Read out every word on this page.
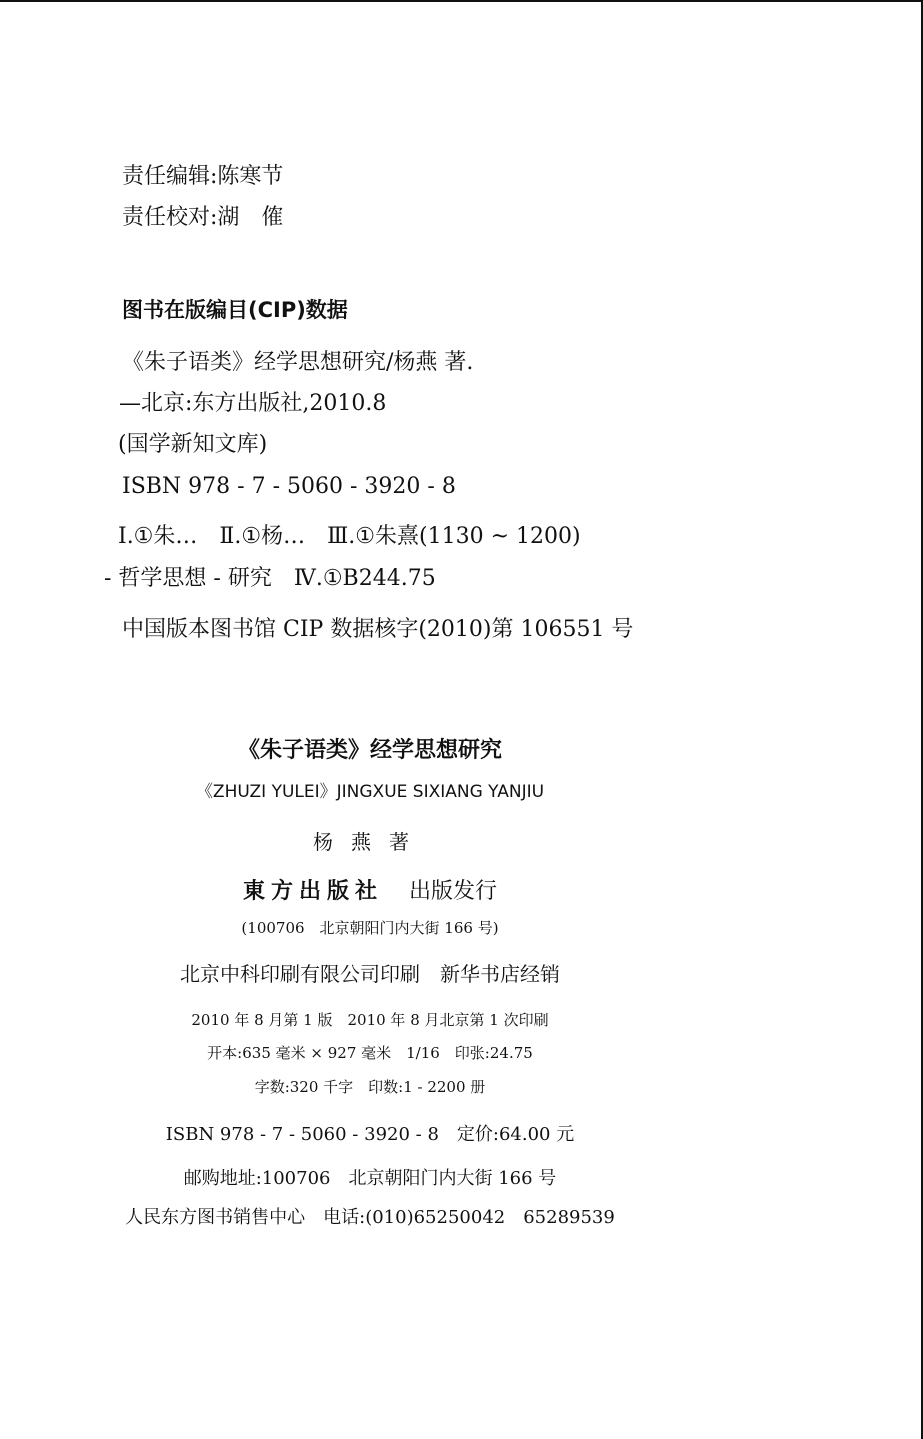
责任编辑:陈寒节
责任校对:湖　傕
图书在版编目(CIP)数据
《朱子语类》经学思想研究/杨燕 著.
—北京:东方出版社,2010.8
(国学新知文库)
ISBN 978 - 7 - 5060 - 3920 - 8
Ⅰ.①朱…　Ⅱ.①杨…　Ⅲ.①朱熹(1130 ~ 1200)
- 哲学思想 - 研究　Ⅳ.①B244.75
中国版本图书馆 CIP 数据核字(2010)第 106551 号
《朱子语类》经学思想研究
《ZHUZI YULEI》JINGXUE SIXIANG YANJIU
杨燕著
東方出版社 出版发行
(100706　北京朝阳门内大街 166 号)
北京中科印刷有限公司印刷　新华书店经销
2010 年 8 月第 1 版　2010 年 8 月北京第 1 次印刷
开本:635 毫米 × 927 毫米　1/16　印张:24.75
字数:320 千字　印数:1 - 2200 册
ISBN 978 - 7 - 5060 - 3920 - 8　定价:64.00 元
邮购地址:100706　北京朝阳门内大街 166 号
人民东方图书销售中心　电话:(010)65250042　65289539
